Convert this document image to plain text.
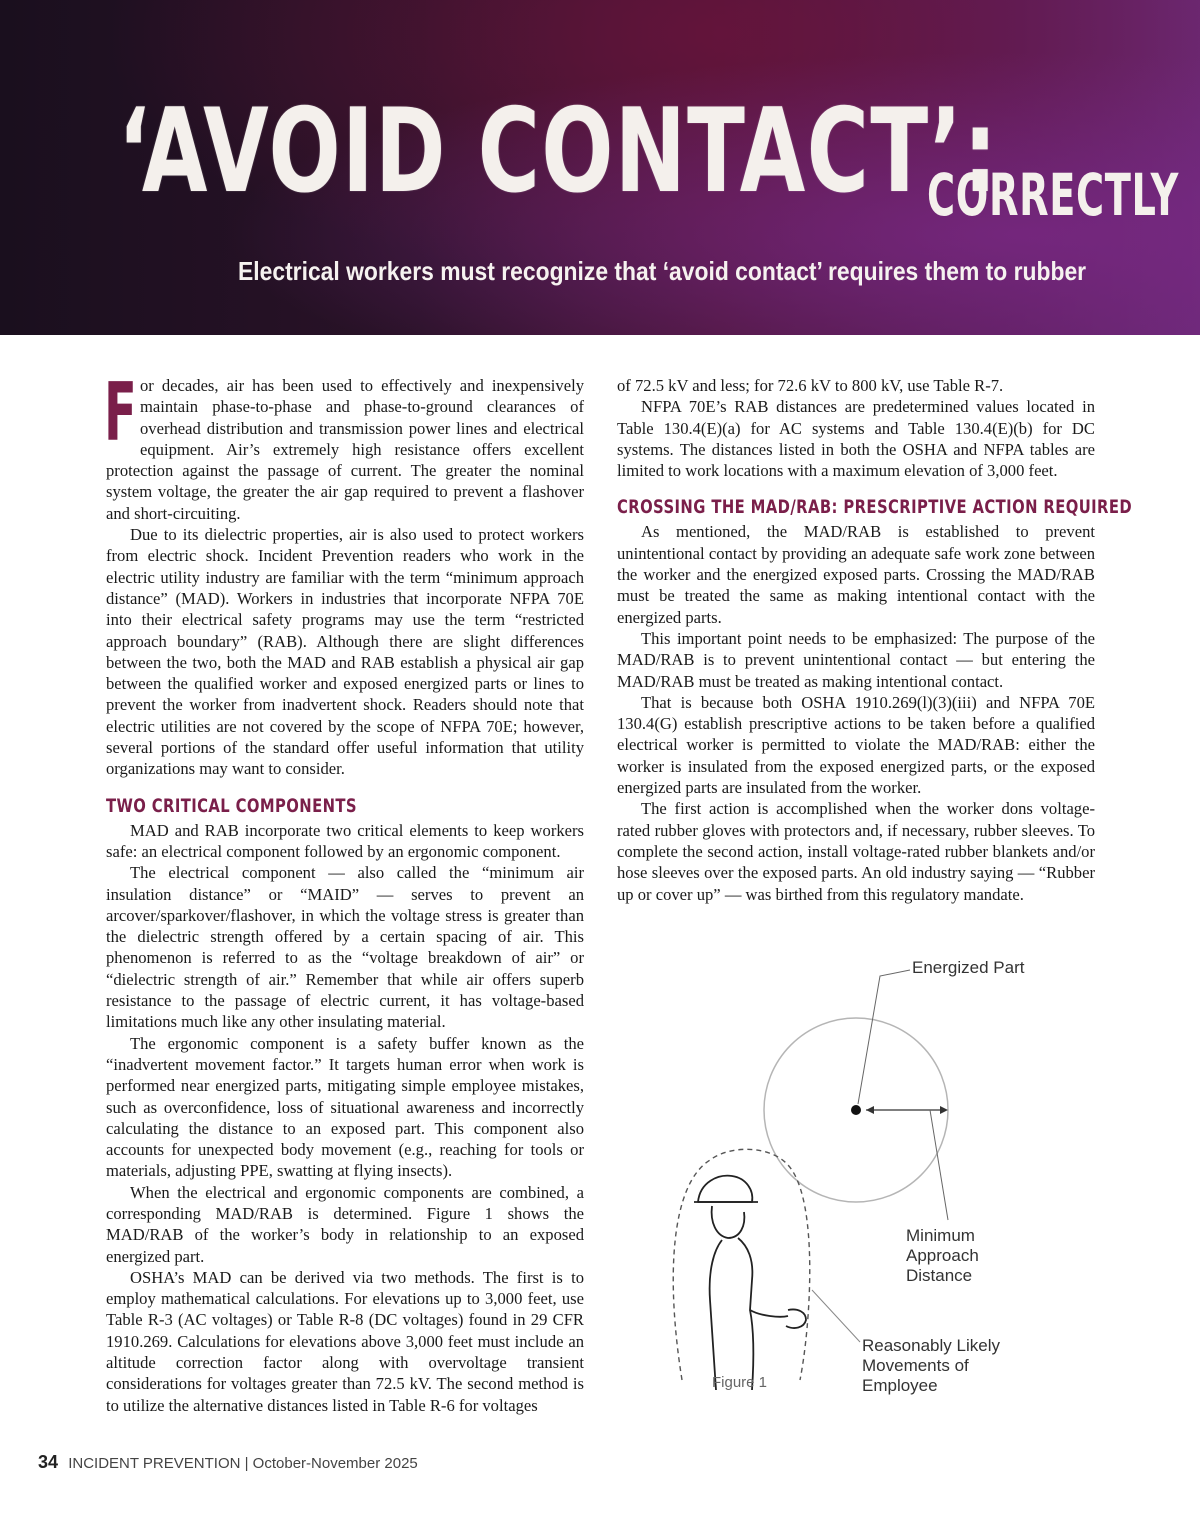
‘AVOID CONTACT’:
CORRECTLY
Electrical workers must recognize that ‘avoid contact’ requires them to rubber

For decades, air has been used to effectively and inexpensively maintain phase-to-phase and phase-to-ground clearances of overhead distribution and transmission power lines and electrical equipment. Air’s extremely high resistance offers excellent protection against the passage of current. The greater the nominal system voltage, the greater the air gap required to prevent a flashover and short-circuiting.

Due to its dielectric properties, air is also used to protect workers from electric shock. Incident Prevention readers who work in the electric utility industry are familiar with the term “minimum approach distance” (MAD). Workers in industries that incorporate NFPA 70E into their electrical safety programs may use the term “restricted approach boundary” (RAB). Although there are slight differences between the two, both the MAD and RAB establish a physical air gap between the qualified worker and exposed energized parts or lines to prevent the worker from inadvertent shock. Readers should note that electric utilities are not covered by the scope of NFPA 70E; however, several portions of the standard offer useful information that utility organizations may want to consider.

TWO CRITICAL COMPONENTS

MAD and RAB incorporate two critical elements to keep workers safe: an electrical component followed by an ergonomic component.

The electrical component — also called the “minimum air insulation distance” or “MAID” — serves to prevent an arcover/sparkover/flashover, in which the voltage stress is greater than the dielectric strength offered by a certain spacing of air. This phenomenon is referred to as the “voltage breakdown of air” or “dielectric strength of air.” Remember that while air offers superb resistance to the passage of electric current, it has voltage-based limitations much like any other insulating material.

The ergonomic component is a safety buffer known as the “inadvertent movement factor.” It targets human error when work is performed near energized parts, mitigating simple employee mistakes, such as overconfidence, loss of situational awareness and incorrectly calculating the distance to an exposed part. This component also accounts for unexpected body movement (e.g., reaching for tools or materials, adjusting PPE, swatting at flying insects).

When the electrical and ergonomic components are combined, a corresponding MAD/RAB is determined. Figure 1 shows the MAD/RAB of the worker’s body in relationship to an exposed energized part.

OSHA’s MAD can be derived via two methods. The first is to employ mathematical calculations. For elevations up to 3,000 feet, use Table R-3 (AC voltages) or Table R-8 (DC voltages) found in 29 CFR 1910.269. Calculations for elevations above 3,000 feet must include an altitude correction factor along with overvoltage transient considerations for voltages greater than 72.5 kV. The second method is to utilize the alternative distances listed in Table R-6 for voltages

of 72.5 kV and less; for 72.6 kV to 800 kV, use Table R-7.

NFPA 70E’s RAB distances are predetermined values located in Table 130.4(E)(a) for AC systems and Table 130.4(E)(b) for DC systems. The distances listed in both the OSHA and NFPA tables are limited to work locations with a maximum elevation of 3,000 feet.

CROSSING THE MAD/RAB: PRESCRIPTIVE ACTION REQUIRED

As mentioned, the MAD/RAB is established to prevent unintentional contact by providing an adequate safe work zone between the worker and the energized exposed parts. Crossing the MAD/RAB must be treated the same as making intentional contact with the energized parts.

This important point needs to be emphasized: The purpose of the MAD/RAB is to prevent unintentional contact — but entering the MAD/RAB must be treated as making intentional contact.

That is because both OSHA 1910.269(l)(3)(iii) and NFPA 70E 130.4(G) establish prescriptive actions to be taken before a qualified electrical worker is permitted to violate the MAD/RAB: either the worker is insulated from the exposed energized parts, or the exposed energized parts are insulated from the worker.

The first action is accomplished when the worker dons voltage-rated rubber gloves with protectors and, if necessary, rubber sleeves. To complete the second action, install voltage-rated rubber blankets and/or hose sleeves over the exposed parts. An old industry saying — “Rubber up or cover up” — was birthed from this regulatory mandate.

Energized Part
Minimum
Approach
Distance
Reasonably Likely
Movements of
Employee
Figure 1
34 INCIDENT PREVENTION | October-November 2025
